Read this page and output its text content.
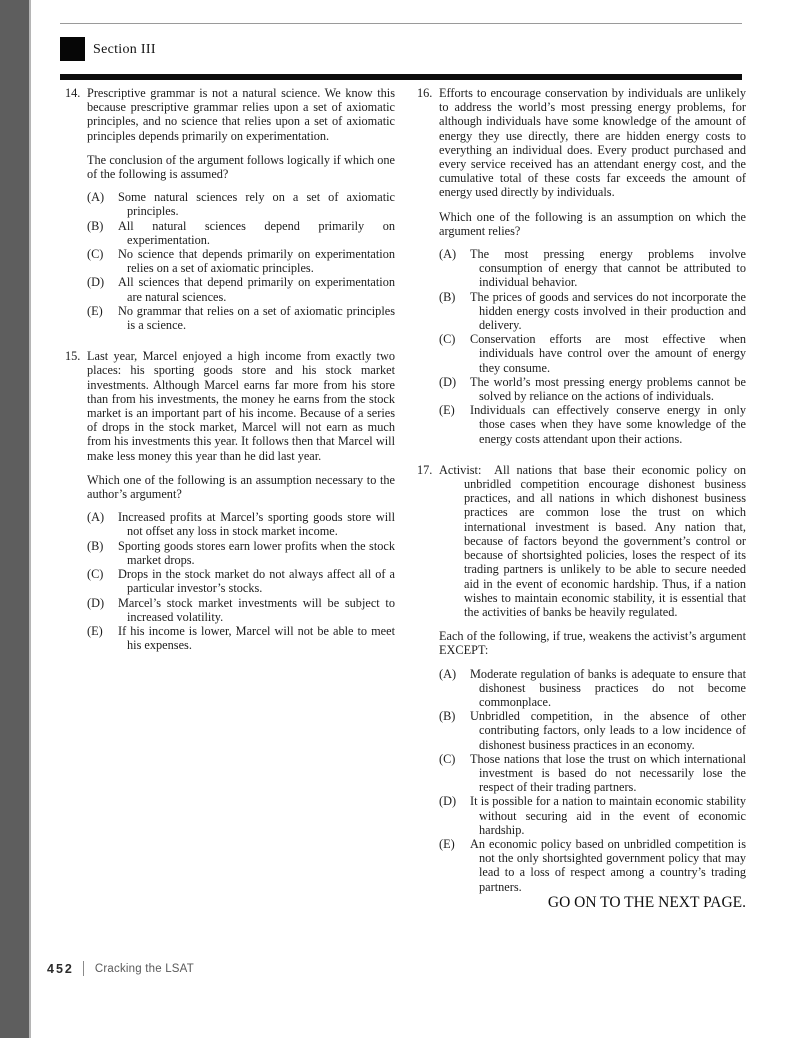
Section III
14. Prescriptive grammar is not a natural science. We know this because prescriptive grammar relies upon a set of axiomatic principles, and no science that relies upon a set of axiomatic principles depends primarily on experimentation.

The conclusion of the argument follows logically if which one of the following is assumed?

(A)	Some natural sciences rely on a set of axiomatic principles.
(B)	All natural sciences depend primarily on experimentation.
(C)	No science that depends primarily on experimentation relies on a set of axiomatic principles.
(D)	All sciences that depend primarily on experimentation are natural sciences.
(E)	No grammar that relies on a set of axiomatic principles is a science.
15. Last year, Marcel enjoyed a high income from exactly two places: his sporting goods store and his stock market investments. Although Marcel earns far more from his store than from his investments, the money he earns from the stock market is an important part of his income. Because of a series of drops in the stock market, Marcel will not earn as much from his investments this year. It follows then that Marcel will make less money this year than he did last year.

Which one of the following is an assumption necessary to the author’s argument?

(A)	Increased profits at Marcel’s sporting goods store will not offset any loss in stock market income.
(B)	Sporting goods stores earn lower profits when the stock market drops.
(C)	Drops in the stock market do not always affect all of a particular investor’s stocks.
(D)	Marcel’s stock market investments will be subject to increased volatility.
(E)	If his income is lower, Marcel will not be able to meet his expenses.
16. Efforts to encourage conservation by individuals are unlikely to address the world’s most pressing energy problems, for although individuals have some knowledge of the amount of energy they use directly, there are hidden energy costs to everything an individual does. Every product purchased and every service received has an attendant energy cost, and the cumulative total of these costs far exceeds the amount of energy used directly by individuals.

Which one of the following is an assumption on which the argument relies?

(A)	The most pressing energy problems involve consumption of energy that cannot be attributed to individual behavior.
(B)	The prices of goods and services do not incorporate the hidden energy costs involved in their production and delivery.
(C)	Conservation efforts are most effective when individuals have control over the amount of energy they consume.
(D)	The world’s most pressing energy problems cannot be solved by reliance on the actions of individuals.
(E)	Individuals can effectively conserve energy in only those cases when they have some knowledge of the energy costs attendant upon their actions.
17. Activist:  All nations that base their economic policy on unbridled competition encourage dishonest business practices, and all nations in which dishonest business practices are common lose the trust on which international investment is based. Any nation that, because of factors beyond the government’s control or because of shortsighted policies, loses the respect of its trading partners is unlikely to be able to secure needed aid in the event of economic hardship. Thus, if a nation wishes to maintain economic stability, it is essential that the activities of banks be heavily regulated.

Each of the following, if true, weakens the activist’s argument EXCEPT:

(A)	Moderate regulation of banks is adequate to ensure that dishonest business practices do not become commonplace.
(B)	Unbridled competition, in the absence of other contributing factors, only leads to a low incidence of dishonest business practices in an economy.
(C)	Those nations that lose the trust on which international investment is based do not necessarily lose the respect of their trading partners.
(D)	It is possible for a nation to maintain economic stability without securing aid in the event of economic hardship.
(E)	An economic policy based on unbridled competition is not the only shortsighted government policy that may lead to a loss of respect among a country’s trading partners.
GO ON TO THE NEXT PAGE.
452 Cracking the LSAT
